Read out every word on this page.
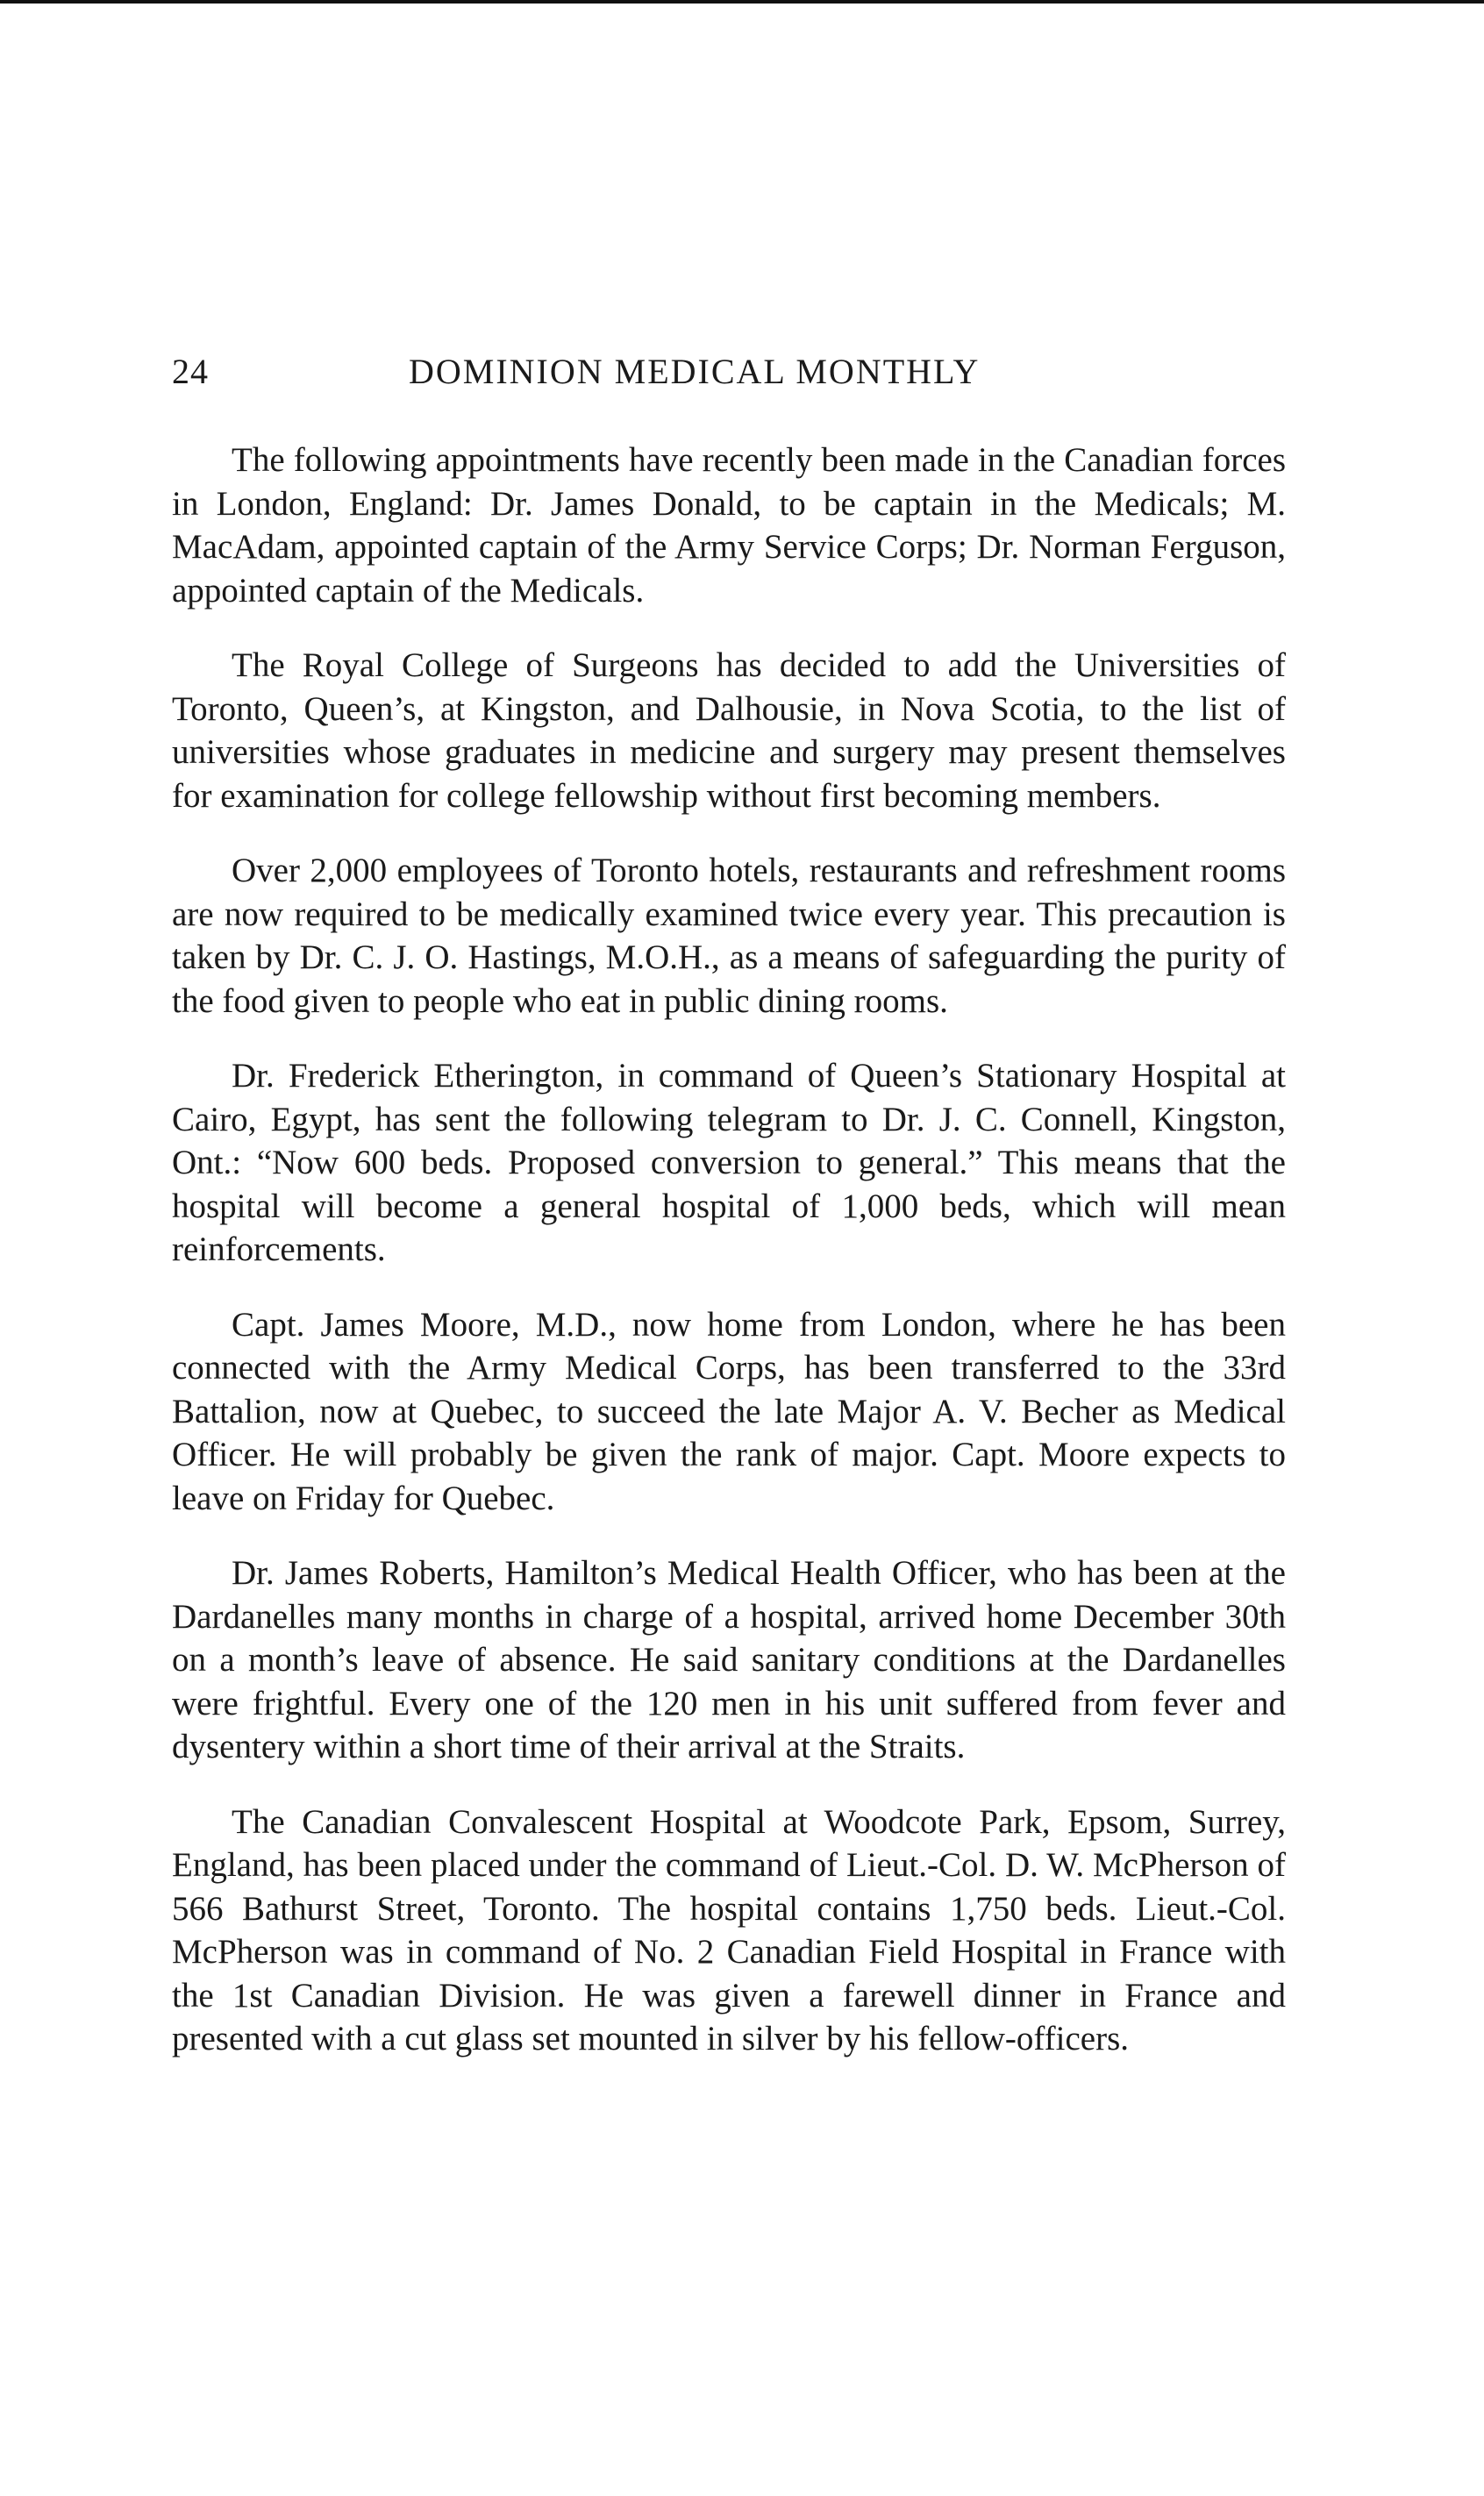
24	DOMINION MEDICAL MONTHLY

The following appointments have recently been made in the Canadian forces in London, England: Dr. James Donald, to be captain in the Medicals; M. MacAdam, appointed captain of the Army Service Corps; Dr. Norman Ferguson, appointed captain of the Medicals.

The Royal College of Surgeons has decided to add the Universities of Toronto, Queen’s, at Kingston, and Dalhousie, in Nova Scotia, to the list of universities whose graduates in medicine and surgery may present themselves for examination for college fellowship without first becoming members.

Over 2,000 employees of Toronto hotels, restaurants and refreshment rooms are now required to be medically examined twice every year. This precaution is taken by Dr. C. J. O. Hastings, M.O.H., as a means of safeguarding the purity of the food given to people who eat in public dining rooms.

Dr. Frederick Etherington, in command of Queen’s Stationary Hospital at Cairo, Egypt, has sent the following telegram to Dr. J. C. Connell, Kingston, Ont.: “Now 600 beds. Proposed conversion to general.” This means that the hospital will become a general hospital of 1,000 beds, which will mean reinforcements.

Capt. James Moore, M.D., now home from London, where he has been connected with the Army Medical Corps, has been transferred to the 33rd Battalion, now at Quebec, to succeed the late Major A. V. Becher as Medical Officer. He will probably be given the rank of major. Capt. Moore expects to leave on Friday for Quebec.

Dr. James Roberts, Hamilton’s Medical Health Officer, who has been at the Dardanelles many months in charge of a hospital, arrived home December 30th on a month’s leave of absence. He said sanitary conditions at the Dardanelles were frightful. Every one of the 120 men in his unit suffered from fever and dysentery within a short time of their arrival at the Straits.

The Canadian Convalescent Hospital at Woodcote Park, Epsom, Surrey, England, has been placed under the command of Lieut.-Col. D. W. McPherson of 566 Bathurst Street, Toronto. The hospital contains 1,750 beds. Lieut.-Col. McPherson was in command of No. 2 Canadian Field Hospital in France with the 1st Canadian Division. He was given a farewell dinner in France and presented with a cut glass set mounted in silver by his fellow-officers.
